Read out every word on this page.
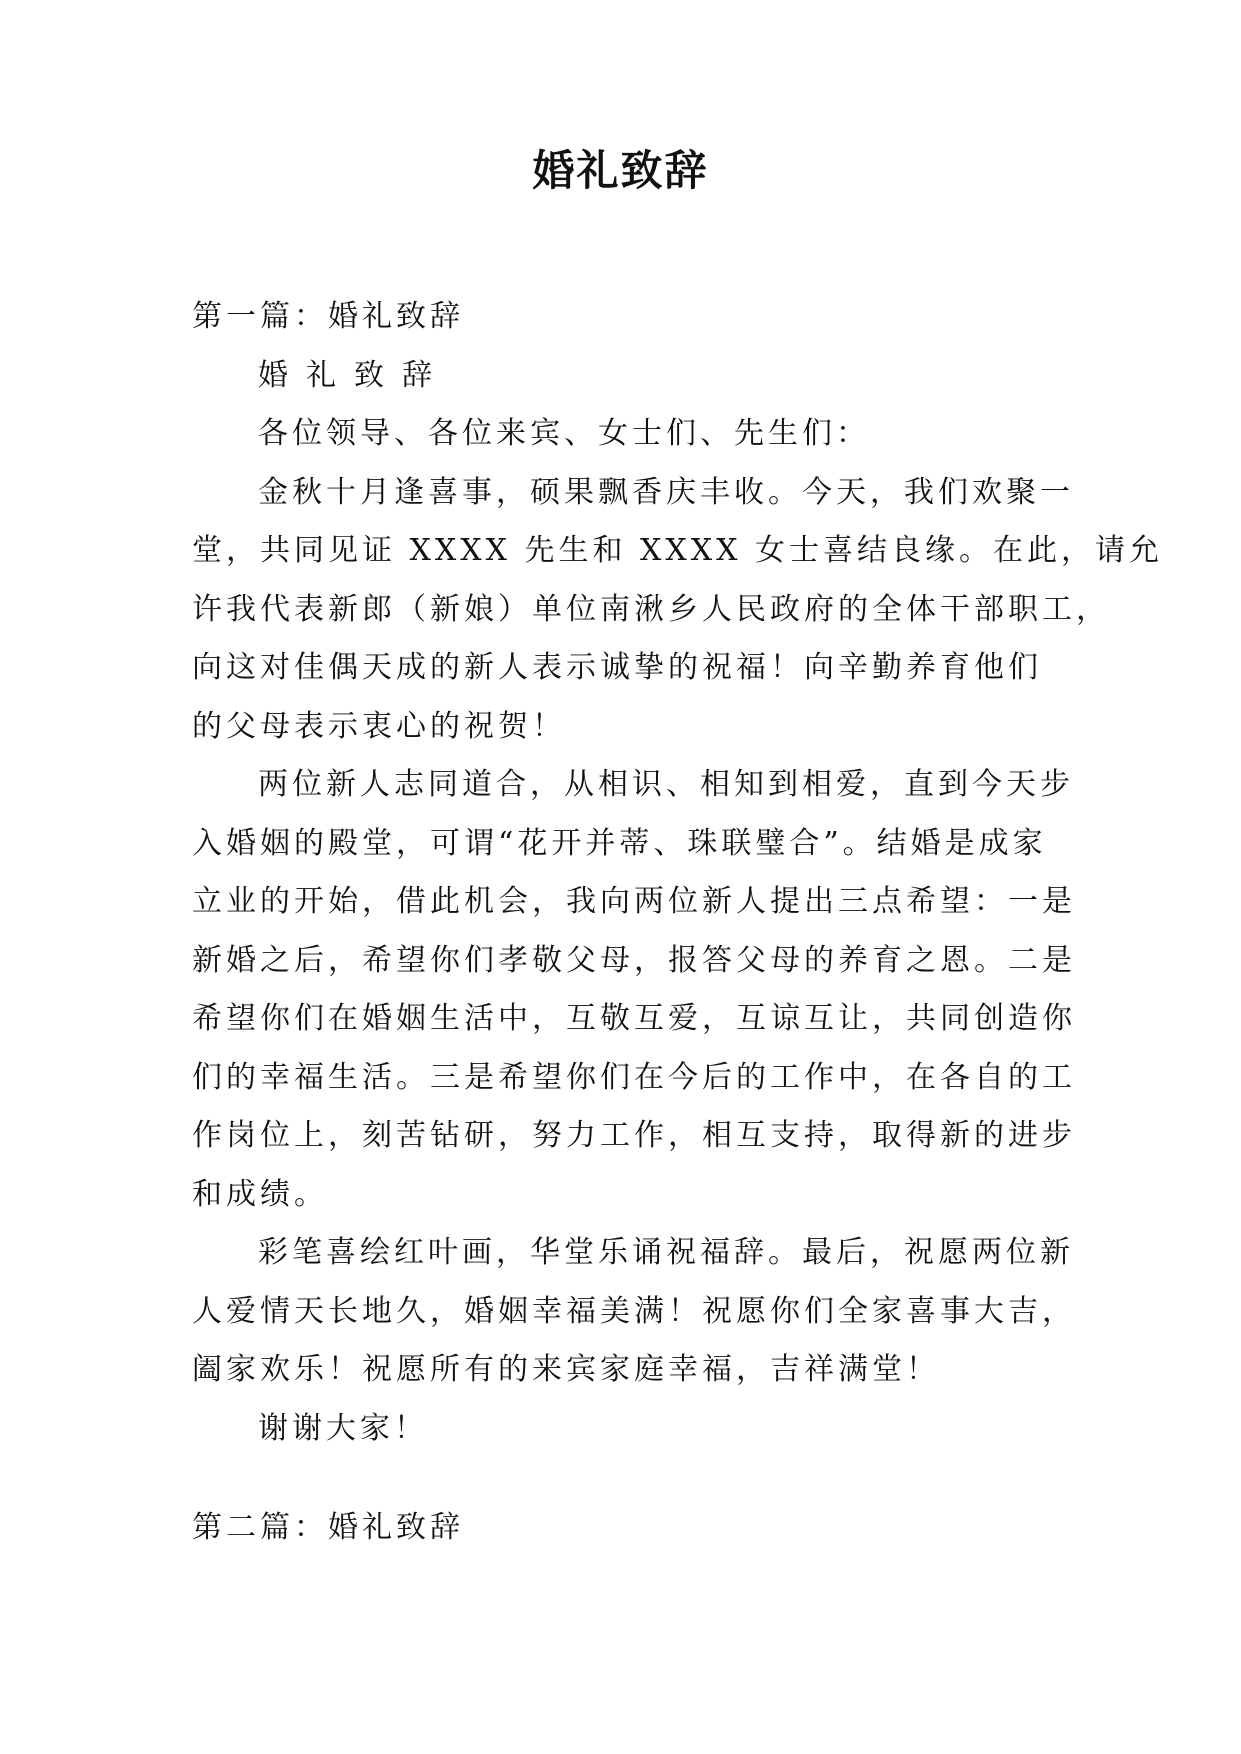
婚礼致辞
第一篇：婚礼致辞
婚礼致辞
各位领导、各位来宾、女士们、先生们：
金秋十月逢喜事，硕果飘香庆丰收。今天，我们欢聚一
堂，共同见证 XXXX 先生和 XXXX 女士喜结良缘。在此，请允
许我代表新郎（新娘）单位南湫乡人民政府的全体干部职工，
向这对佳偶天成的新人表示诚挚的祝福！向辛勤养育他们
的父母表示衷心的祝贺！
两位新人志同道合，从相识、相知到相爱，直到今天步
入婚姻的殿堂，可谓“花开并蒂、珠联璧合”。结婚是成家
立业的开始，借此机会，我向两位新人提出三点希望：一是
新婚之后，希望你们孝敬父母，报答父母的养育之恩。二是
希望你们在婚姻生活中，互敬互爱，互谅互让，共同创造你
们的幸福生活。三是希望你们在今后的工作中，在各自的工
作岗位上，刻苦钻研，努力工作，相互支持，取得新的进步
和成绩。
彩笔喜绘红叶画，华堂乐诵祝福辞。最后，祝愿两位新
人爱情天长地久，婚姻幸福美满！祝愿你们全家喜事大吉，
阖家欢乐！祝愿所有的来宾家庭幸福，吉祥满堂！
谢谢大家！
第二篇：婚礼致辞
